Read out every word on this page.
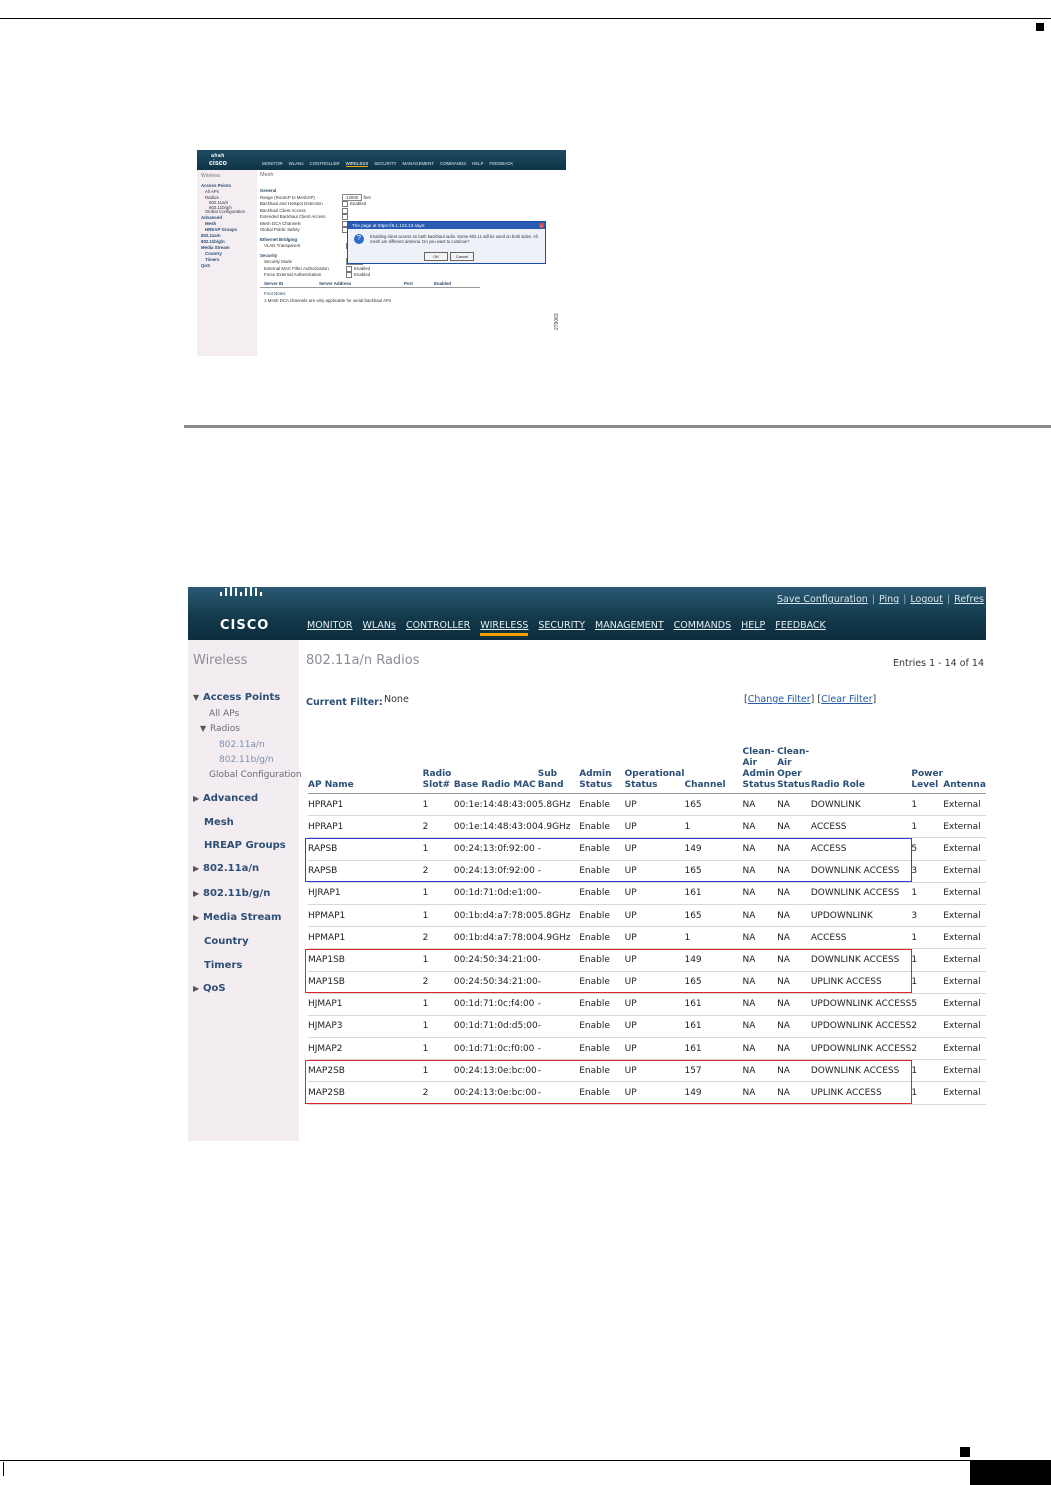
ahah
cisco	MONITOR WLANs CONTROLLER WIRELESS SECURITY MANAGEMENT COMMANDS HELP FEEDBACK
Wireless
Access Points
All APs
Radios
802.11a/n
802.11b/g/n
Global Configuration
Advanced
Mesh
HREAP Groups
802.11a/n
802.11b/g/n
Media Stream
Country
Timers
QoS
Mesh
General
Range (RootAP to MeshAP)	12000 feet
Backhaul and Hotspot Detection	Enabled
Backhaul Client Access
Extended Backhaul Client Access
Mesh DCA Channels
Global Public Safety
Ethernet Bridging
VLAN Transparent
Security
Security Mode
External MAC Filter Authorization	Enabled
Force External Authentication	Enabled
Server ID	Server Address	Port	Enabled
Foot Notes
1 Mesh DCA channels are only applicable for serial backhaul APs
The page at https://9.1.122.13 says:	×
?	Enabling client access on both backhaul radio. Some 802.11 will be used on both sides. All mesh are different antenna. Do you want to continue?
OK	Cancel
279063
CISCO
Save Configuration | Ping | Logout | Refres
MONITOR WLANs CONTROLLER WIRELESS SECURITY MANAGEMENT COMMANDS HELP FEEDBACK
Wireless
▼ Access Points
All APs
▼ Radios
802.11a/n
802.11b/g/n
Global Configuration
▶ Advanced
Mesh
HREAP Groups
▶ 802.11a/n
▶ 802.11b/g/n
▶ Media Stream
Country
Timers
▶ QoS
802.11a/n Radios	Entries 1 - 14 of 14
Current Filter: None	[Change Filter] [Clear Filter]
AP Name	Radio Slot#	Base Radio MAC	Sub Band	Admin Status	Operational Status	Channel	Clean-Air Admin Status	Clean-Air Oper Status	Radio Role	Power Level	Antenna
HPRAP1	1	00:1e:14:48:43:00	5.8GHz	Enable	UP	165	NA	NA	DOWNLINK	1	External
HPRAP1	2	00:1e:14:48:43:00	4.9GHz	Enable	UP	1	NA	NA	ACCESS	1	External
RAPSB	1	00:24:13:0f:92:00	-	Enable	UP	149	NA	NA	ACCESS	5	External
RAPSB	2	00:24:13:0f:92:00	-	Enable	UP	165	NA	NA	DOWNLINK ACCESS	3	External
HJRAP1	1	00:1d:71:0d:e1:00	-	Enable	UP	161	NA	NA	DOWNLINK ACCESS	1	External
HPMAP1	1	00:1b:d4:a7:78:00	5.8GHz	Enable	UP	165	NA	NA	UPDOWNLINK	3	External
HPMAP1	2	00:1b:d4:a7:78:00	4.9GHz	Enable	UP	1	NA	NA	ACCESS	1	External
MAP1SB	1	00:24:50:34:21:00	-	Enable	UP	149	NA	NA	DOWNLINK ACCESS	1	External
MAP1SB	2	00:24:50:34:21:00	-	Enable	UP	165	NA	NA	UPLINK ACCESS	1	External
HJMAP1	1	00:1d:71:0c:f4:00	-	Enable	UP	161	NA	NA	UPDOWNLINK ACCESS	5	External
HJMAP3	1	00:1d:71:0d:d5:00	-	Enable	UP	161	NA	NA	UPDOWNLINK ACCESS	2	External
HJMAP2	1	00:1d:71:0c:f0:00	-	Enable	UP	161	NA	NA	UPDOWNLINK ACCESS	2	External
MAP2SB	1	00:24:13:0e:bc:00	-	Enable	UP	157	NA	NA	DOWNLINK ACCESS	1	External
MAP2SB	2	00:24:13:0e:bc:00	-	Enable	UP	149	NA	NA	UPLINK ACCESS	1	External
